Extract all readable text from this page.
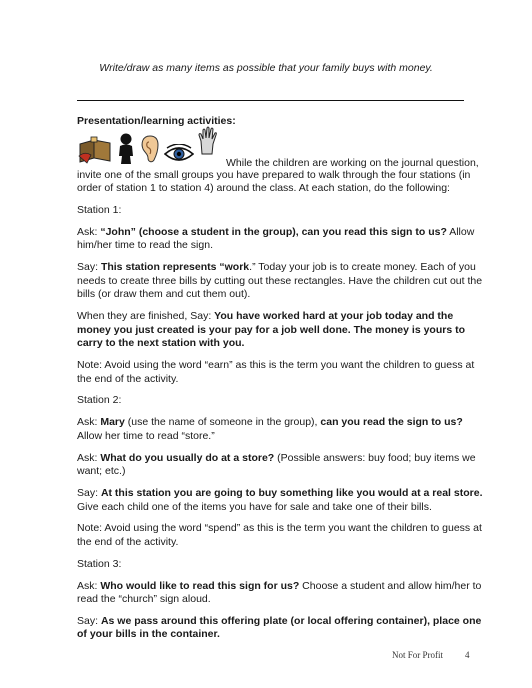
Write/draw as many items as possible that your family buys with money.

Presentation/learning activities:

While the children are working on the journal question,

invite one of the small groups you have prepared to walk through the four stations (in order of station 1 to station 4) around the class. At each station, do the following:

Station 1:

Ask: “John” (choose a student in the group), can you read this sign to us? Allow him/her time to read the sign.

Say: This station represents “work.” Today your job is to create money. Each of you needs to create three bills by cutting out these rectangles. Have the children cut out the bills (or draw them and cut them out).

When they are finished, Say: You have worked hard at your job today and the money you just created is your pay for a job well done. The money is yours to carry to the next station with you.

Note: Avoid using the word “earn” as this is the term you want the children to guess at the end of the activity.

Station 2:

Ask: Mary (use the name of someone in the group), can you read the sign to us? Allow her time to read “store.”

Ask: What do you usually do at a store? (Possible answers: buy food; buy items we want; etc.)

Say: At this station you are going to buy something like you would at a real store. Give each child one of the items you have for sale and take one of their bills.

Note: Avoid using the word “spend” as this is the term you want the children to guess at the end of the activity.

Station 3:

Ask: Who would like to read this sign for us? Choose a student and allow him/her to read the “church” sign aloud.

Say: As we pass around this offering plate (or local offering container), place one of your bills in the container.

Not For Profit 4
